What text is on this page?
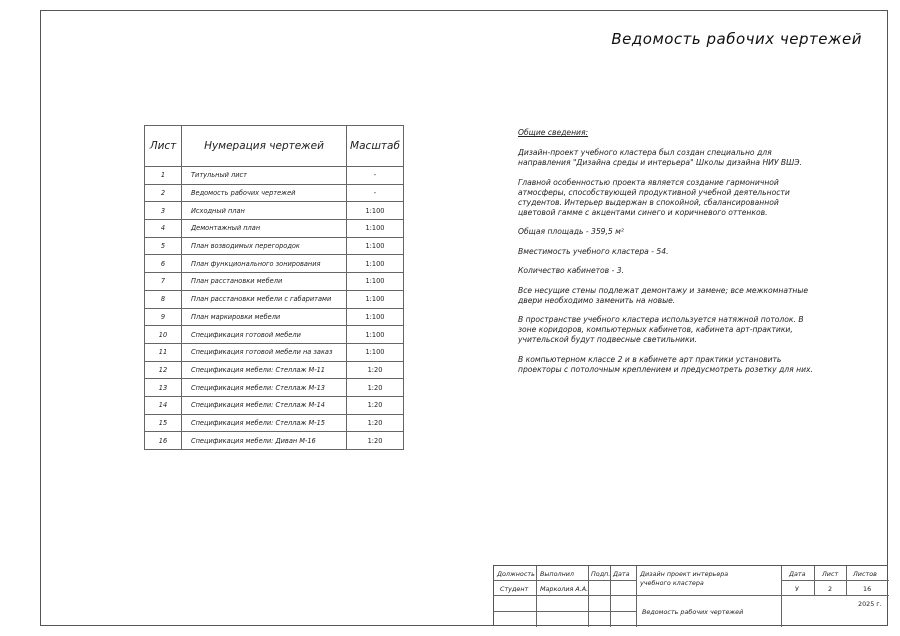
Ведомость рабочих чертежей
Лист	Нумерация чертежей	Масштаб
1	Титульный лист	-
2	Ведомость рабочих чертежей	-
3	Исходный план	1:100
4	Демонтажный план	1:100
5	План возводимых перегородок	1:100
6	План функционального зонирования	1:100
7	План расстановки мебели	1:100
8	План расстановки мебели с габаритами	1:100
9	План маркировки мебели	1:100
10	Спецификация готовой мебели	1:100
11	Спецификация готовой мебели на заказ	1:100
12	Спецификация мебели: Стеллаж М-11	1:20
13	Спецификация мебели: Стеллаж М-13	1:20
14	Спецификация мебели: Стеллаж М-14	1:20
15	Спецификация мебели: Стеллаж М-15	1:20
16	Спецификация мебели: Диван М-16	1:20
Общие сведения:

Дизайн-проект учебного кластера был создан специально для направления "Дизайна среды и интерьера" Школы дизайна НИУ ВШЭ.

Главной особенностью проекта является создание гармоничной атмосферы, способствующей продуктивной учебной деятельности студентов. Интерьер выдержан в спокойной, сбалансированной цветовой гамме с акцентами синего и коричневого оттенков.

Общая площадь - 359,5 м²

Вместимость учебного кластера - 54.

Количество кабинетов - 3.

Все несущие стены подлежат демонтажу и замене; все межкомнатные двери необходимо заменить на новые.

В пространстве учебного кластера используется натяжной потолок. В зоне коридоров, компьютерных кабинетов, кабинета арт-практики, учительской будут подвесные светильники.

В компьютерном классе 2 и в кабинете арт практики установить проекторы с потолочным креплением и предусмотреть розетку для них.

Должность Выполнил	Подп. Дата
Студент Марколия А.А.
Дизайн проект интерьера учебного кластера
Дата	Лист Листов
У	2	16
Ведомость рабочих чертежей
2025 г.
